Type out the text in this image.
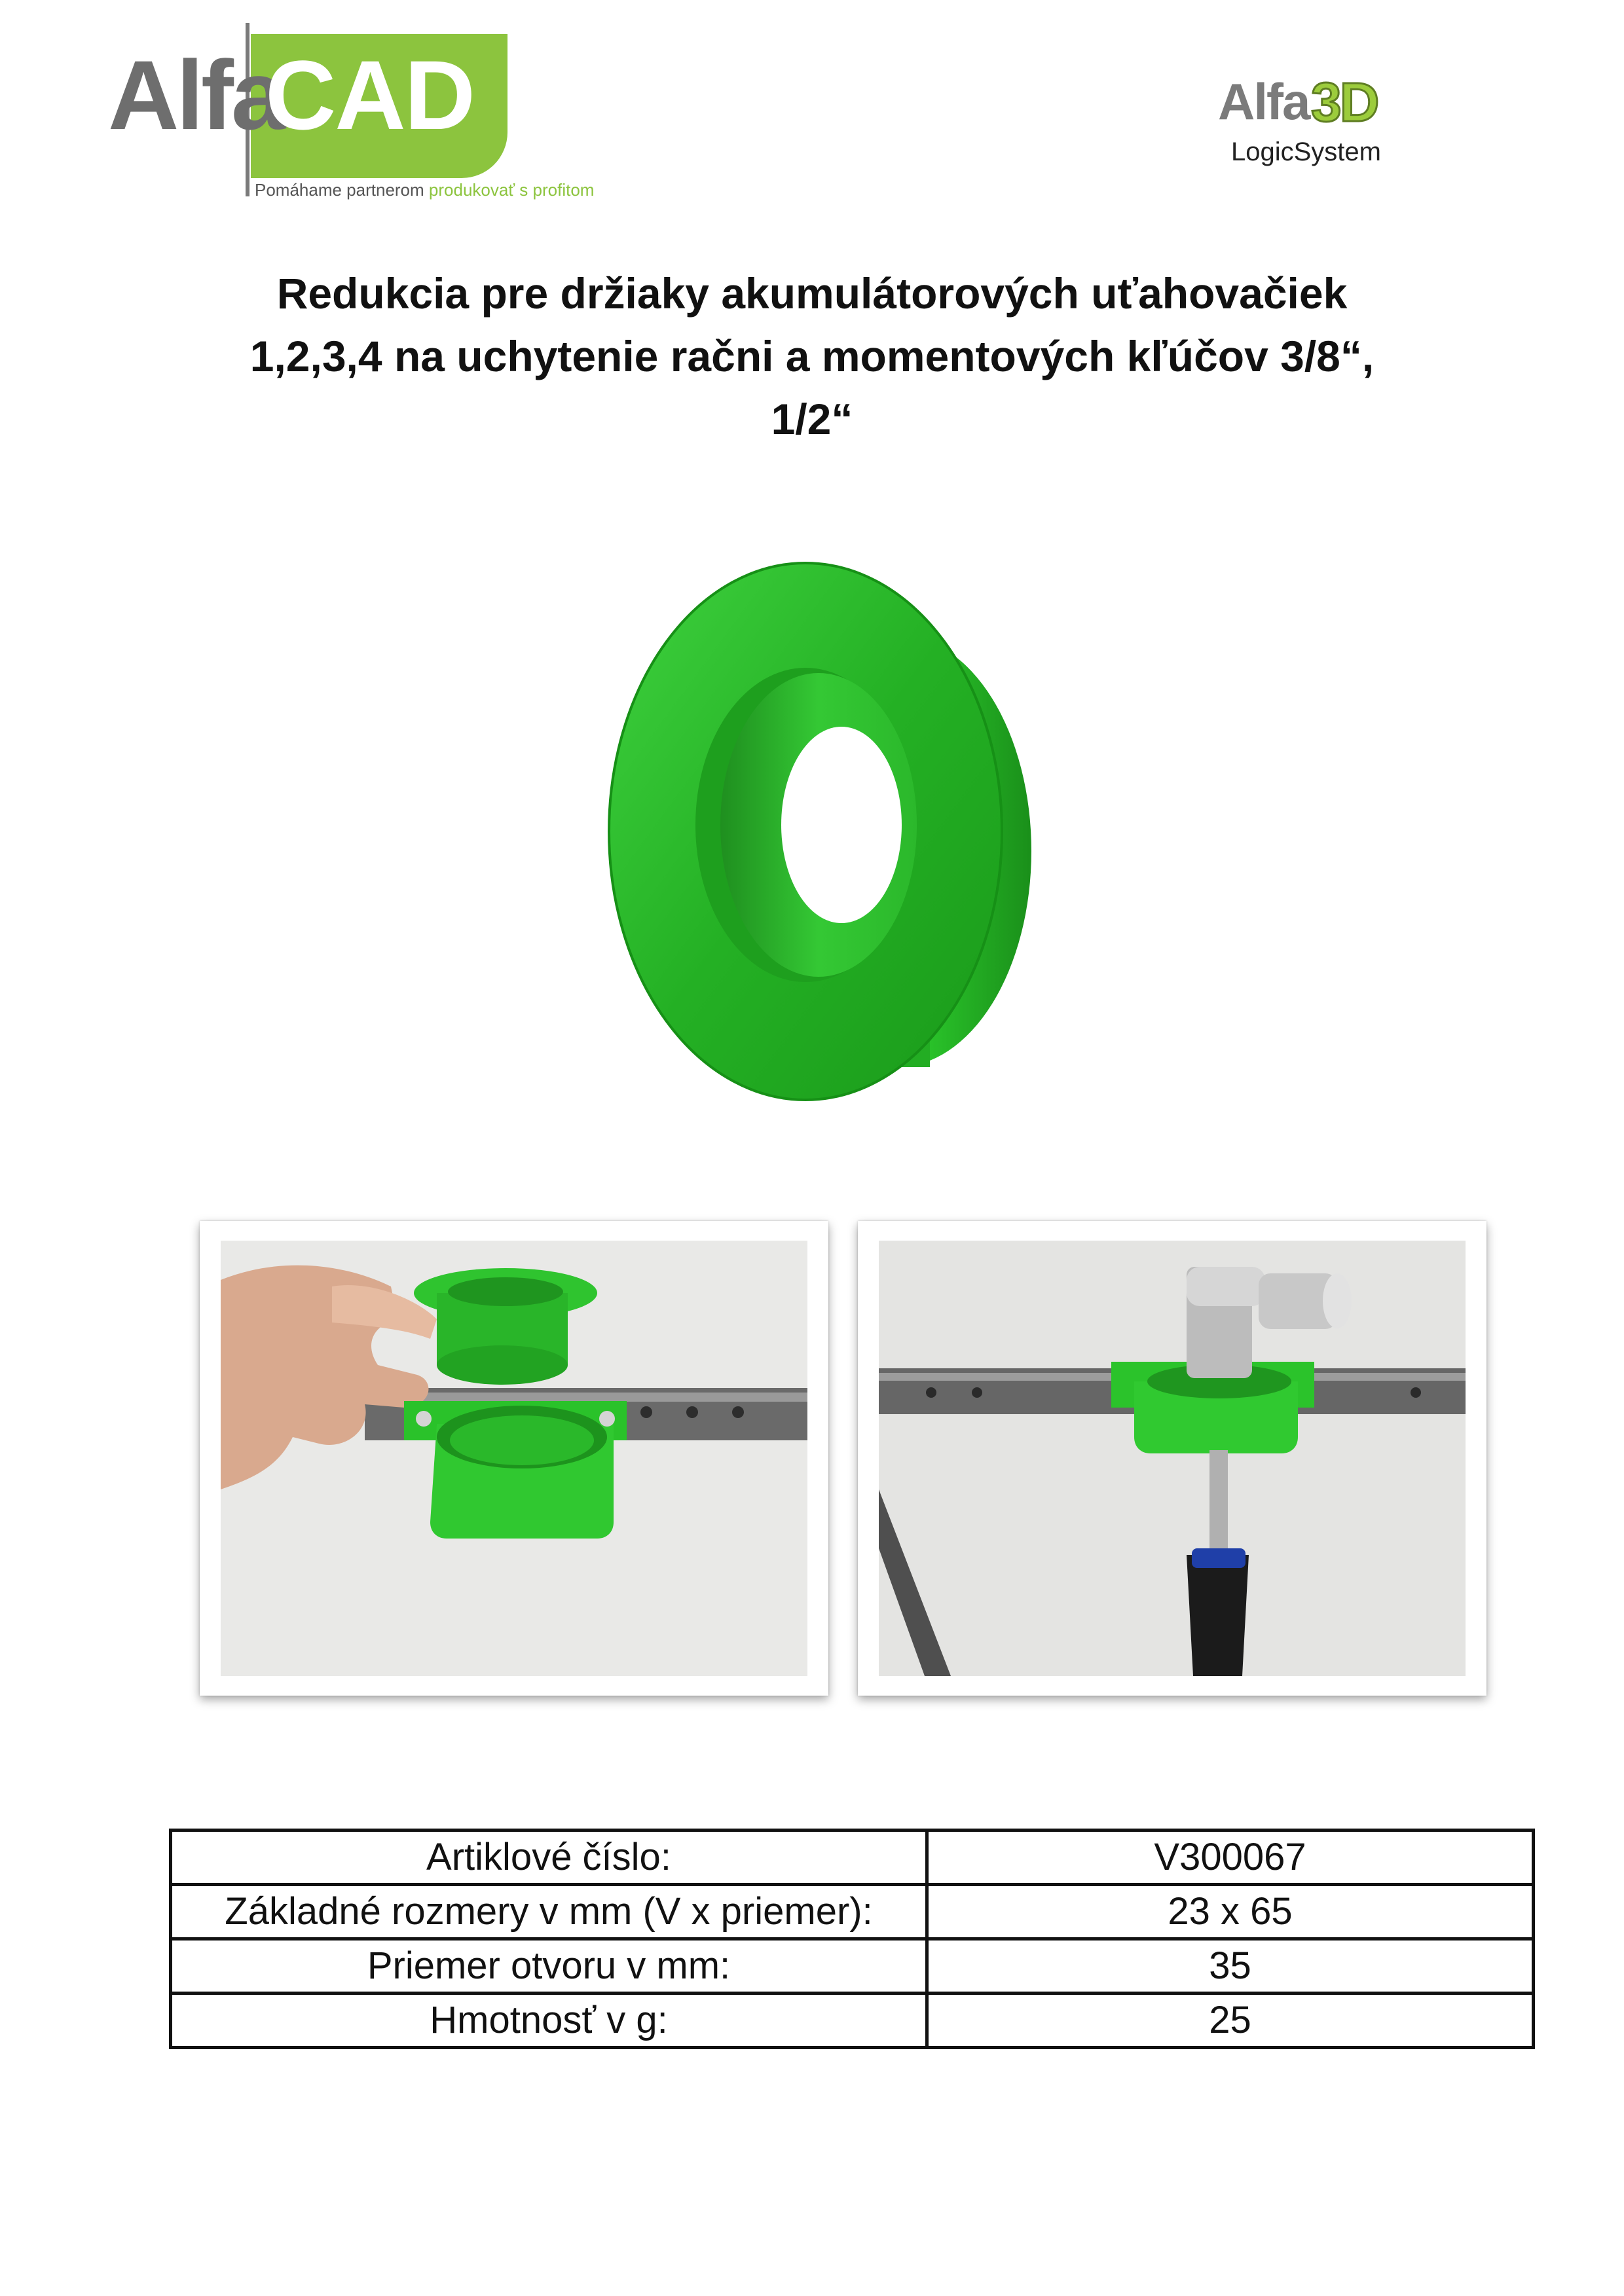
Alfa
CAD
Pomáhame partnerom produkovať s profitom
Alfa 3D
LogicSystem
Redukcia pre držiaky akumulátorových uťahovačiek
1,2,3,4 na uchytenie račni a momentových kľúčov 3/8“,
1/2“
Artiklové číslo:	V300067
Základné rozmery v mm (V x priemer):	23 x 65
Priemer otvoru v mm:	35
Hmotnosť v g:	25
